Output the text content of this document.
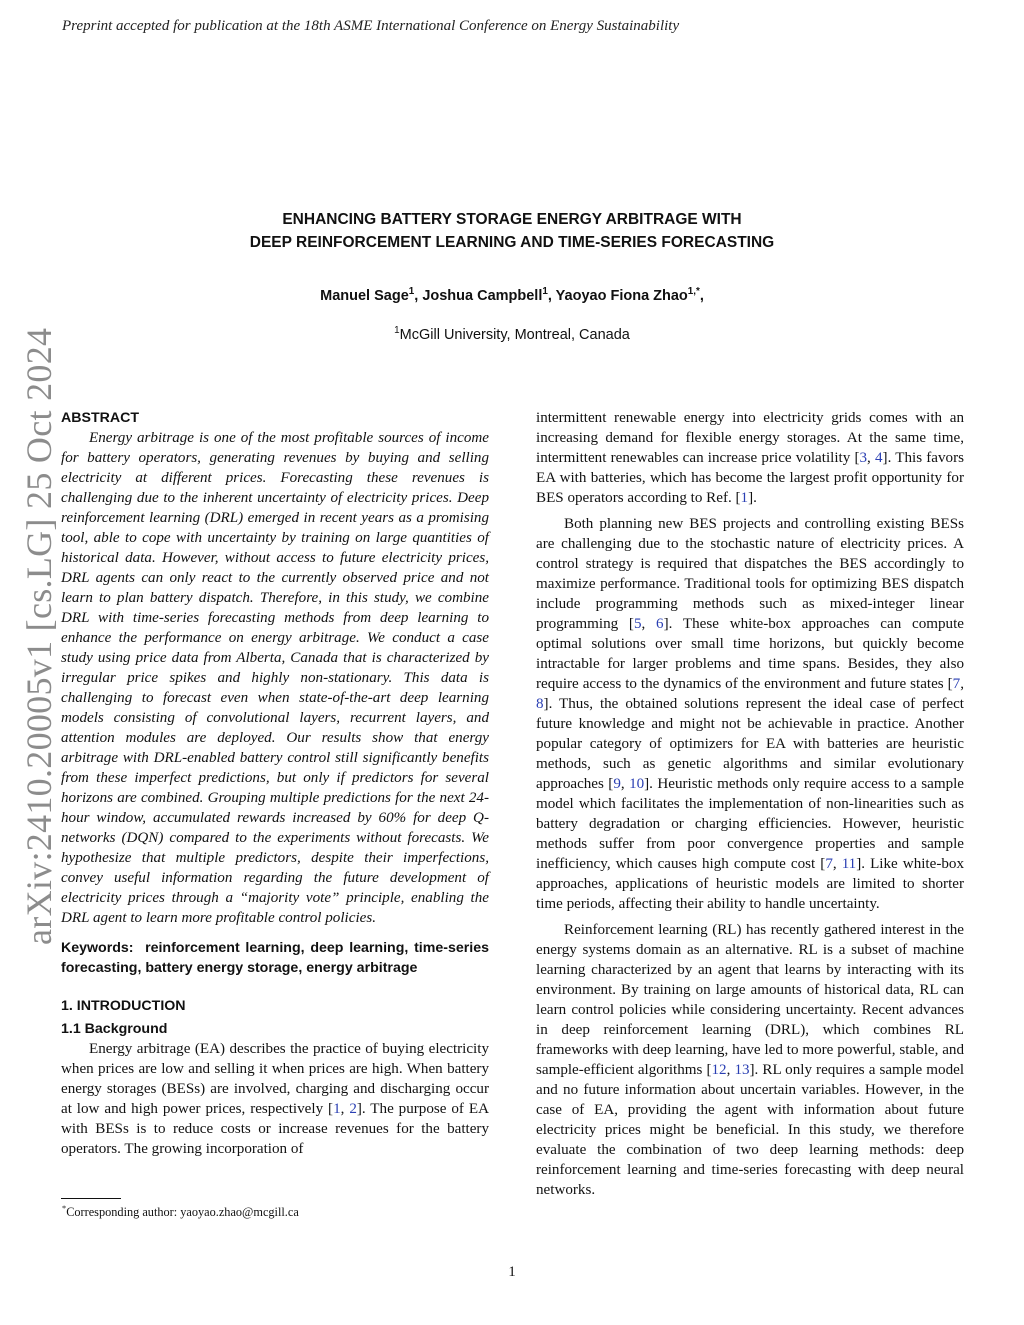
Preprint accepted for publication at the 18th ASME International Conference on Energy Sustainability
ENHANCING BATTERY STORAGE ENERGY ARBITRAGE WITH
DEEP REINFORCEMENT LEARNING AND TIME-SERIES FORECASTING
Manuel Sage$^1$, Joshua Campbell$^1$, Yaoyao Fiona Zhao$^{1,*}$,
$^1$McGill University, Montreal, Canada
arXiv:2410.20005v1 [cs.LG] 25 Oct 2024 ABSTRACT

Energy arbitrage is one of the most profitable sources of income for battery operators, generating revenues by buying and selling electricity at different prices. Forecasting these revenues is challenging due to the inherent uncertainty of electricity prices. Deep reinforcement learning (DRL) emerged in recent years as a promising tool, able to cope with uncertainty by training on large quantities of historical data. However, without access to future electricity prices, DRL agents can only react to the currently observed price and not learn to plan battery dispatch. Therefore, in this study, we combine DRL with time-series forecasting methods from deep learning to enhance the performance on energy arbitrage. We conduct a case study using price data from Alberta, Canada that is characterized by irregular price spikes and highly non-stationary. This data is challenging to forecast even when state-of-the-art deep learning models consisting of convolutional layers, recurrent layers, and attention modules are deployed. Our results show that energy arbitrage with DRL-enabled battery control still significantly benefits from these imperfect predictions, but only if predictors for several horizons are combined. Grouping multiple predictions for the next 24-hour window, accumulated rewards increased by 60% for deep Q-networks (DQN) compared to the experiments without forecasts. We hypothesize that multiple predictors, despite their imperfections, convey useful information regarding the future development of electricity prices through a “majority vote” principle, enabling the DRL agent to learn more profitable control policies.

Keywords: reinforcement learning, deep learning, time-series forecasting, battery energy storage, energy arbitrage

1. INTRODUCTION

1.1 Background

Energy arbitrage (EA) describes the practice of buying electricity when prices are low and selling it when prices are high. When battery energy storages (BESs) are involved, charging and discharging occur at low and high power prices, respectively [1, 2]. The purpose of EA with BESs is to reduce costs or increase revenues for the battery operators. The growing incorporation of

intermittent renewable energy into electricity grids comes with an increasing demand for flexible energy storages. At the same time, intermittent renewables can increase price volatility [3, 4]. This favors EA with batteries, which has become the largest profit opportunity for BES operators according to Ref. [1].

Both planning new BES projects and controlling existing BESs are challenging due to the stochastic nature of electricity prices. A control strategy is required that dispatches the BES accordingly to maximize performance. Traditional tools for optimizing BES dispatch include programming methods such as mixed-integer linear programming [5, 6]. These white-box approaches can compute optimal solutions over small time horizons, but quickly become intractable for larger problems and time spans. Besides, they also require access to the dynamics of the environment and future states [7, 8]. Thus, the obtained solutions represent the ideal case of perfect future knowledge and might not be achievable in practice. Another popular category of optimizers for EA with batteries are heuristic methods, such as genetic algorithms and similar evolutionary approaches [9, 10]. Heuristic methods only require access to a sample model which facilitates the implementation of non-linearities such as battery degradation or charging efficiencies. However, heuristic methods suffer from poor convergence properties and sample inefficiency, which causes high compute cost [7, 11]. Like white-box approaches, applications of heuristic models are limited to shorter time periods, affecting their ability to handle uncertainty.

Reinforcement learning (RL) has recently gathered interest in the energy systems domain as an alternative. RL is a subset of machine learning characterized by an agent that learns by interacting with its environment. By training on large amounts of historical data, RL can learn control policies while considering uncertainty. Recent advances in deep reinforcement learning (DRL), which combines RL frameworks with deep learning, have led to more powerful, stable, and sample-efficient algorithms [12, 13]. RL only requires a sample model and no future information about uncertain variables. However, in the case of EA, providing the agent with information about future electricity prices might be beneficial. In this study, we therefore evaluate the combination of two deep learning methods: deep reinforcement learning and time-series forecasting with deep neural networks.

*Corresponding author: yaoyao.zhao@mcgill.ca
1
